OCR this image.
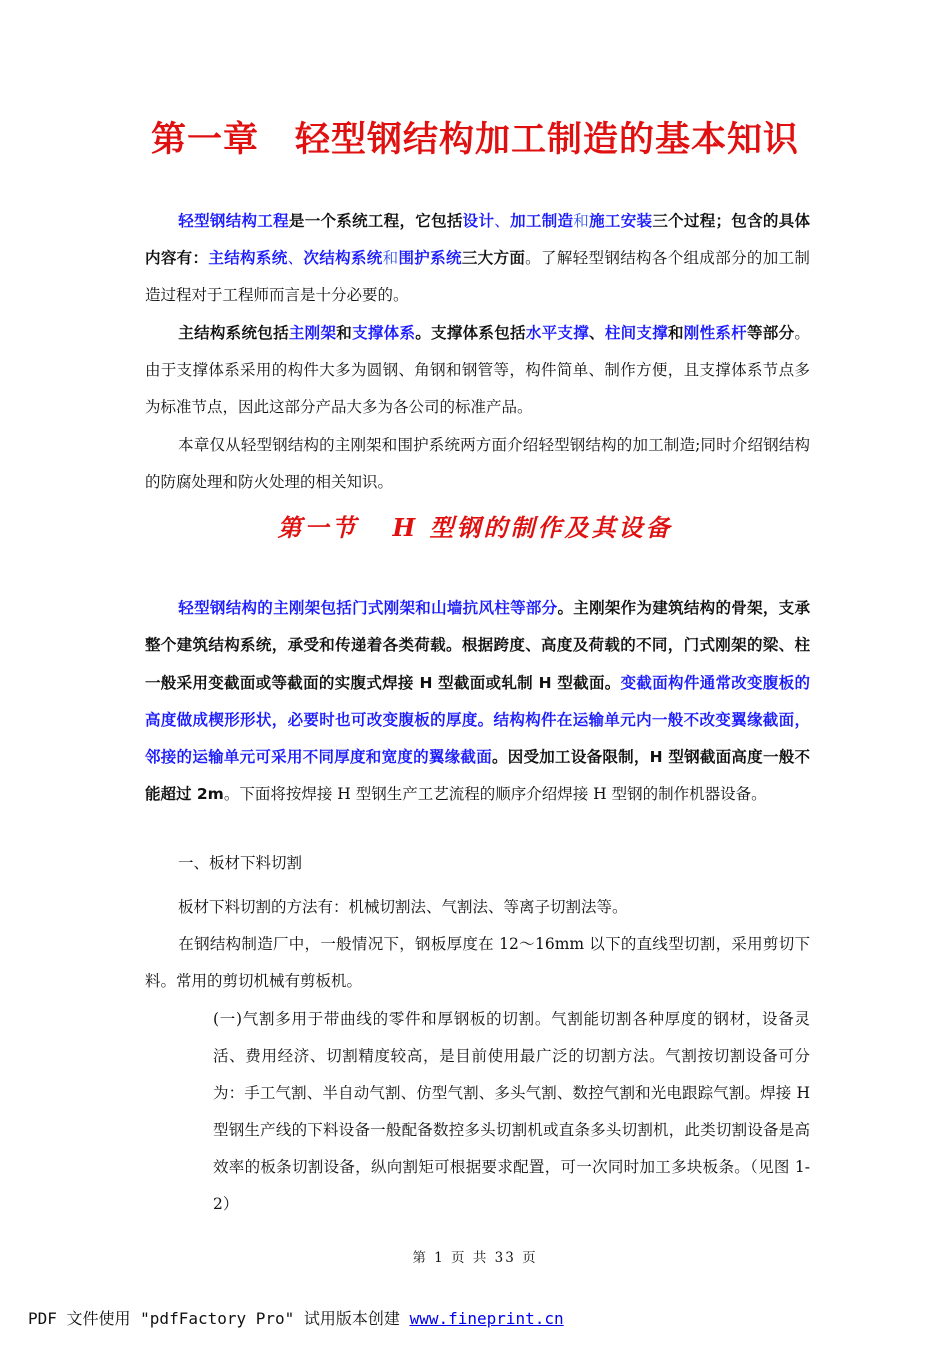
第一章 轻型钢结构加工制造的基本知识

轻型钢结构工程是一个系统工程，它包括设计、加工制造和施工安装三个过程；包含的具体内容有：主结构系统、次结构系统和围护系统三大方面。了解轻型钢结构各个组成部分的加工制造过程对于工程师而言是十分必要的。

主结构系统包括主刚架和支撑体系。支撑体系包括水平支撑、柱间支撑和刚性系杆等部分。由于支撑体系采用的构件大多为圆钢、角钢和钢管等，构件简单、制作方便，且支撑体系节点多为标准节点，因此这部分产品大多为各公司的标准产品。

本章仅从轻型钢结构的主刚架和围护系统两方面介绍轻型钢结构的加工制造;同时介绍钢结构的防腐处理和防火处理的相关知识。

第一节 H 型钢的制作及其设备

轻型钢结构的主刚架包括门式刚架和山墙抗风柱等部分。主刚架作为建筑结构的骨架，支承整个建筑结构系统，承受和传递着各类荷载。根据跨度、高度及荷载的不同，门式刚架的梁、柱一般采用变截面或等截面的实腹式焊接 H 型截面或轧制 H 型截面。变截面构件通常改变腹板的高度做成楔形形状，必要时也可改变腹板的厚度。结构构件在运输单元内一般不改变翼缘截面，邻接的运输单元可采用不同厚度和宽度的翼缘截面。因受加工设备限制，H 型钢截面高度一般不能超过 2m。下面将按焊接 H 型钢生产工艺流程的顺序介绍焊接 H 型钢的制作机器设备。

一、板材下料切割

板材下料切割的方法有：机械切割法、气割法、等离子切割法等。

在钢结构制造厂中，一般情况下，钢板厚度在 12～16mm 以下的直线型切割，采用剪切下料。常用的剪切机械有剪板机。

(一)气割多用于带曲线的零件和厚钢板的切割。气割能切割各种厚度的钢材，设备灵活、费用经济、切割精度较高，是目前使用最广泛的切割方法。气割按切割设备可分为：手工气割、半自动气割、仿型气割、多头气割、数控气割和光电跟踪气割。焊接 H 型钢生产线的下料设备一般配备数控多头切割机或直条多头切割机，此类切割设备是高效率的板条切割设备，纵向割矩可根据要求配置，可一次同时加工多块板条。（见图 1-2）

第 1 页 共 33 页
PDF 文件使用 "pdfFactory Pro" 试用版本创建 www.fineprint.cn
